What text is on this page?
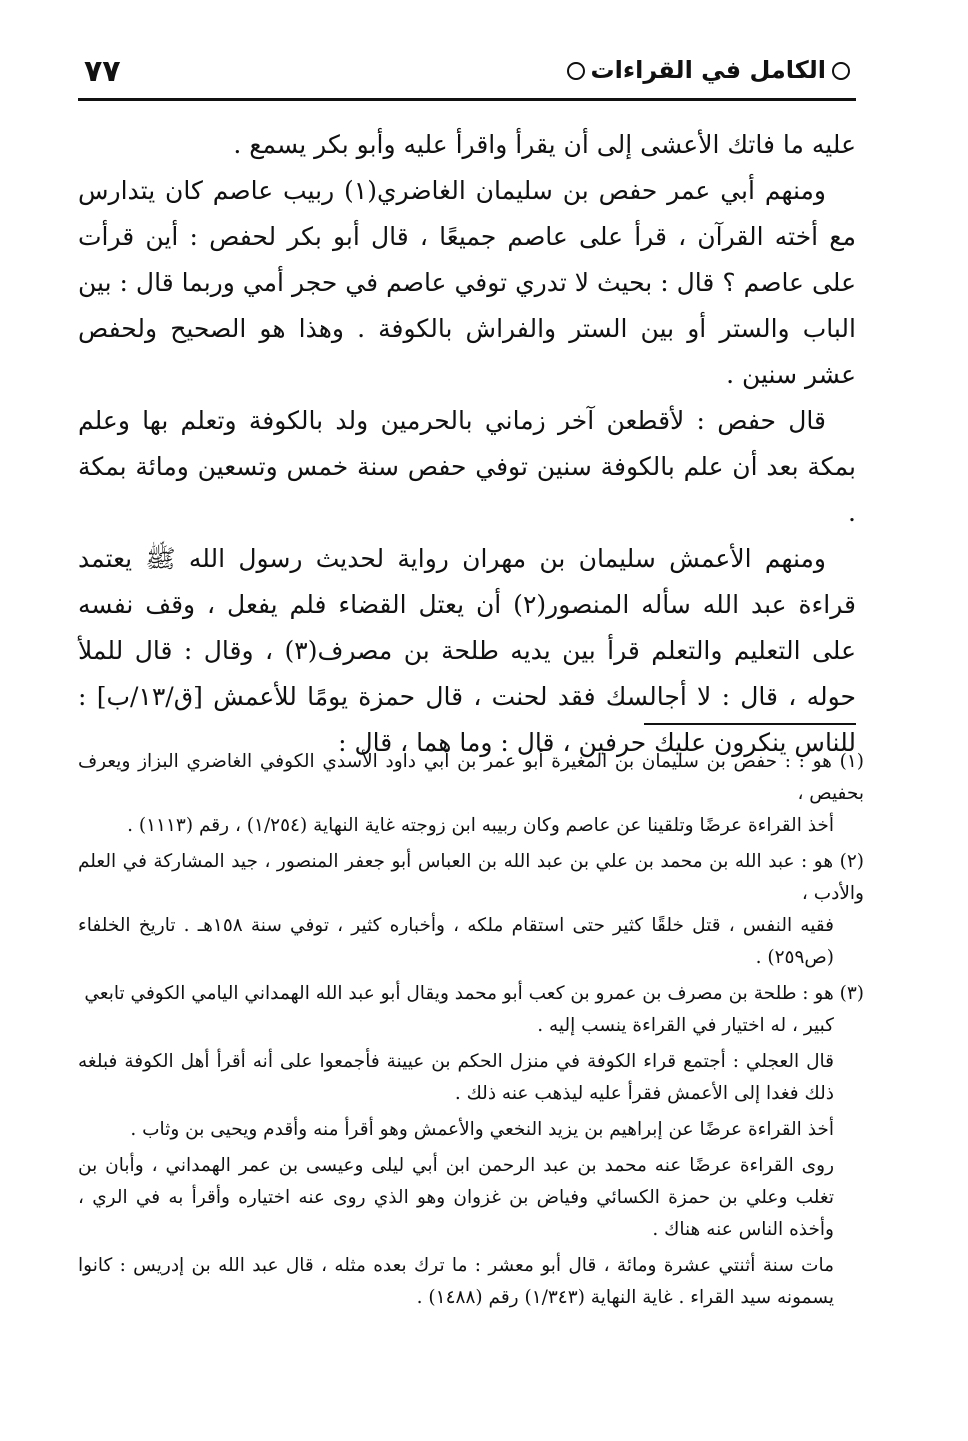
الكامل في القراءات
٧٧

عليه ما فاتك الأعشى إلى أن يقرأ واقرأ عليه وأبو بكر يسمع .

ومنهم أبي عمر حفص بن سليمان الغاضري(١) ربيب عاصم كان يتدارس مع أخته القرآن ، قرأ على عاصم جميعًا ، قال أبو بكر لحفص : أين قرأت على عاصم ؟ قال : بحيث لا تدري توفي عاصم في حجر أمي وربما قال : بين الباب والستر أو بين الستر والفراش بالكوفة . وهذا هو الصحيح ولحفص عشر سنين .

قال حفص : لأقطعن آخر زماني بالحرمين ولد بالكوفة وتعلم بها وعلم بمكة بعد أن علم بالكوفة سنين توفي حفص سنة خمس وتسعين ومائة بمكة .

ومنهم الأعمش سليمان بن مهران رواية لحديث رسول الله ﷺ يعتمد قراءة عبد الله سأله المنصور(٢) أن يعتل القضاء فلم يفعل ، وقف نفسه على التعليم والتعلم قرأ بين يديه طلحة بن مصرف(٣) ، وقال : قال للملأ حوله ، قال : لا أجالسك فقد لحنت ، قال حمزة يومًا للأعمش [ق/١٣/ب] : للناس ينكرون عليك حرفين ، قال : وما هما ، قال :

(١) هو : : حفص بن سليمان بن المغيرة أبو عمر بن أبي داود الأسدي الكوفي الغاضري البزاز ويعرف بحفيص ،

أخذ القراءة عرضًا وتلقينا عن عاصم وكان ربيبه ابن زوجته غاية النهاية (١/٢٥٤) ، رقم (١١١٣) .

(٢) هو : عبد الله بن محمد بن علي بن عبد الله بن العباس أبو جعفر المنصور ، جيد المشاركة في العلم والأدب ،

فقيه النفس ، قتل خلقًا كثير حتى استقام ملكه ، وأخباره كثير ، توفي سنة ١٥٨هـ . تاريخ الخلفاء (ص٢٥٩) .

(٣) هو : طلحة بن مصرف بن عمرو بن كعب أبو محمد ويقال أبو عبد الله الهمداني اليامي الكوفي تابعي

كبير ، له اختيار في القراءة ينسب إليه .

قال العجلي : أجتمع قراء الكوفة في منزل الحكم بن عيينة فأجمعوا على أنه أقرأ أهل الكوفة فبلغه ذلك فغدا إلى الأعمش فقرأ عليه ليذهب عنه ذلك .

أخذ القراءة عرضًا عن إبراهيم بن يزيد النخعي والأعمش وهو أقرأ منه وأقدم ويحيى بن وثاب .

روى القراءة عرضًا عنه محمد بن عبد الرحمن ابن أبي ليلى وعيسى بن عمر الهمداني ، وأبان بن تغلب وعلي بن حمزة الكسائي وفياض بن غزوان وهو الذي روى عنه اختياره وأقرأ به في الري ، وأخذه الناس عنه هناك .

مات سنة أثنتي عشرة ومائة ، قال أبو معشر : ما ترك بعده مثله ، قال عبد الله بن إدريس : كانوا يسمونه سيد القراء . غاية النهاية (١/٣٤٣) رقم (١٤٨٨) .
